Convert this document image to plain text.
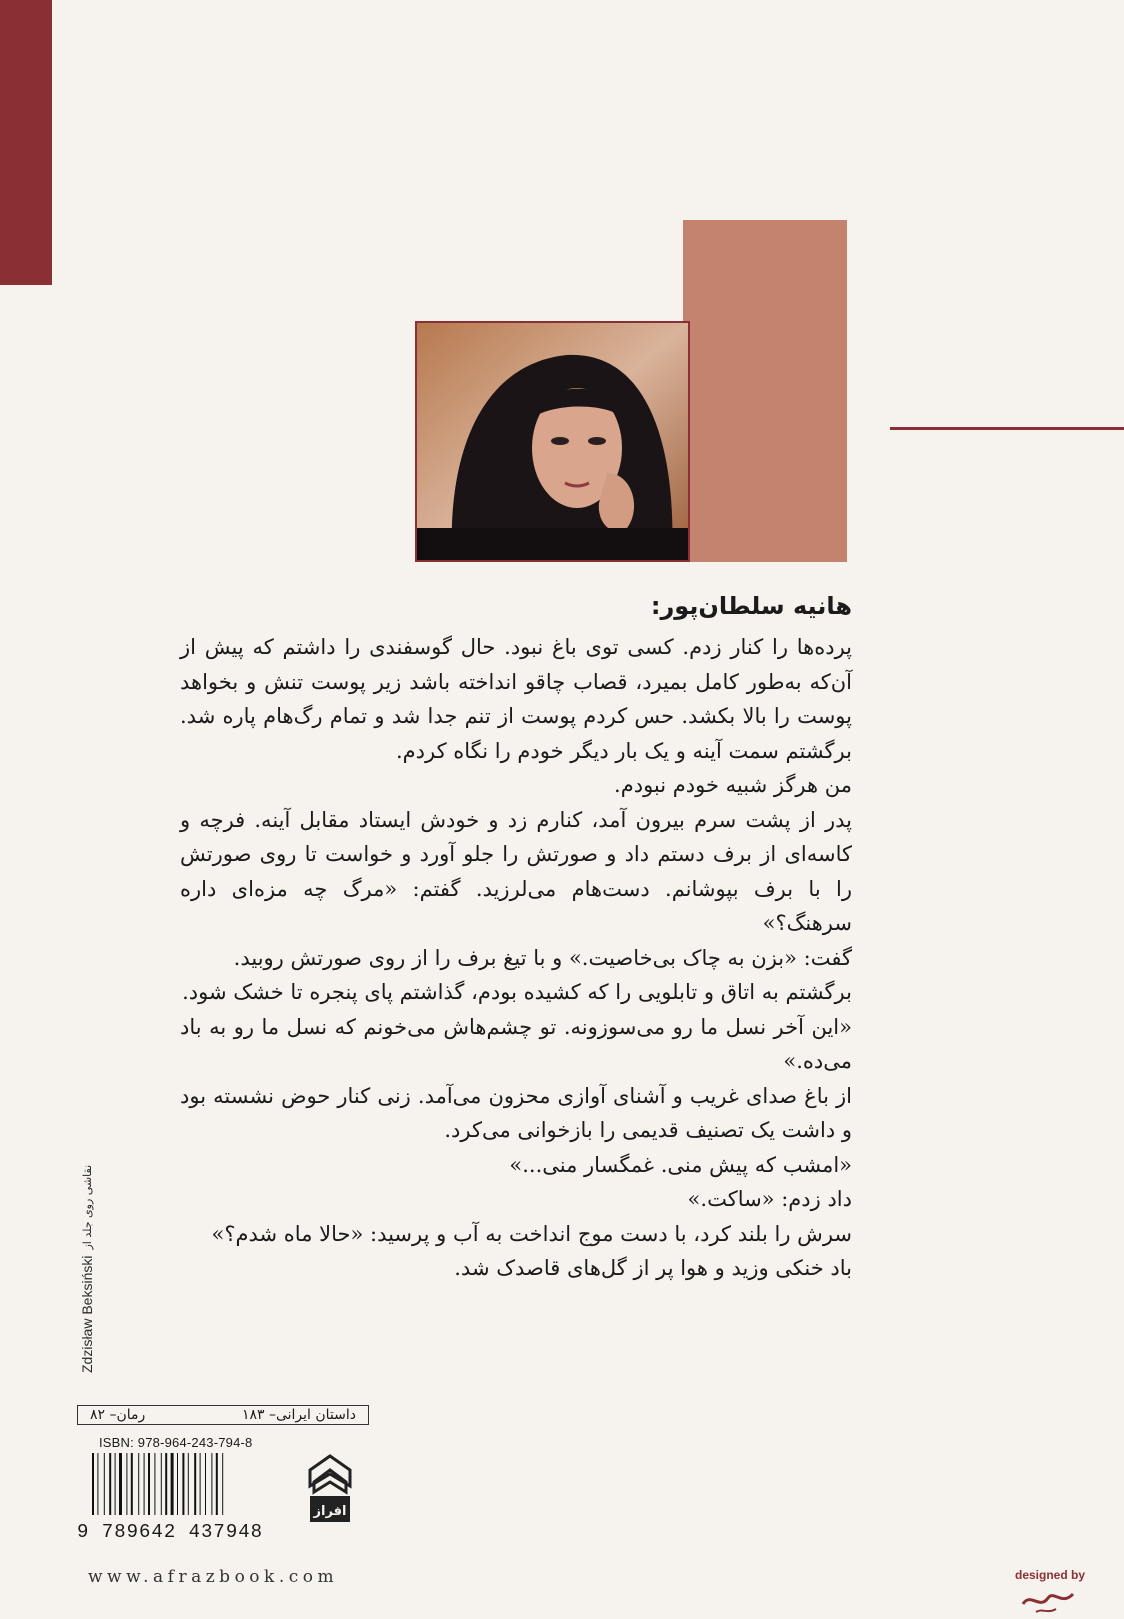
هانیه سلطان‌پور:

پرده‌ها را کنار زدم. کسی توی باغ نبود. حال گوسفندی را داشتم که پیش از آن‌که به‌طور کامل بمیرد، قصاب چاقو انداخته باشد زیر پوست تنش و بخواهد پوست را بالا بکشد. حس کردم پوست از تنم جدا شد و تمام رگ‌هام پاره شد. برگشتم سمت آینه و یک بار دیگر خودم را نگاه کردم.

من هرگز شبیه خودم نبودم.

پدر از پشت سرم بیرون آمد، کنارم زد و خودش ایستاد مقابل آینه. فرچه و کاسه‌ای از برف دستم داد و صورتش را جلو آورد و خواست تا روی صورتش را با برف بپوشانم. دست‌هام می‌لرزید. گفتم: «مرگ چه مزه‌ای داره سرهنگ؟»

گفت: «بزن به چاک بی‌خاصیت.» و با تیغ برف را از روی صورتش روبید.

برگشتم به اتاق و تابلویی را که کشیده بودم، گذاشتم پای پنجره تا خشک شود.

«این آخر نسل ما رو می‌سوزونه. تو چشم‌هاش می‌خونم که نسل ما رو به باد می‌ده.»

از باغ صدای غریب و آشنای آوازی محزون می‌آمد. زنی کنار حوض نشسته بود و داشت یک تصنیف قدیمی را بازخوانی می‌کرد.

«امشب که پیش منی. غمگسار منی...»

داد زدم: «ساکت.»

سرش را بلند کرد، با دست موج انداخت به آب و پرسید: «حالا ماه شدم؟»

باد خنکی وزید و هوا پر از گل‌های قاصدک شد.

Zdzisław Beksiński
نقاشی روی جلد از
داستان ایرانی– ۱۸۳
رمان– ۸۲
ISBN: 978-964-243-794-8
9 789642 437948
افراز
www.afrazbook.com	designed by
